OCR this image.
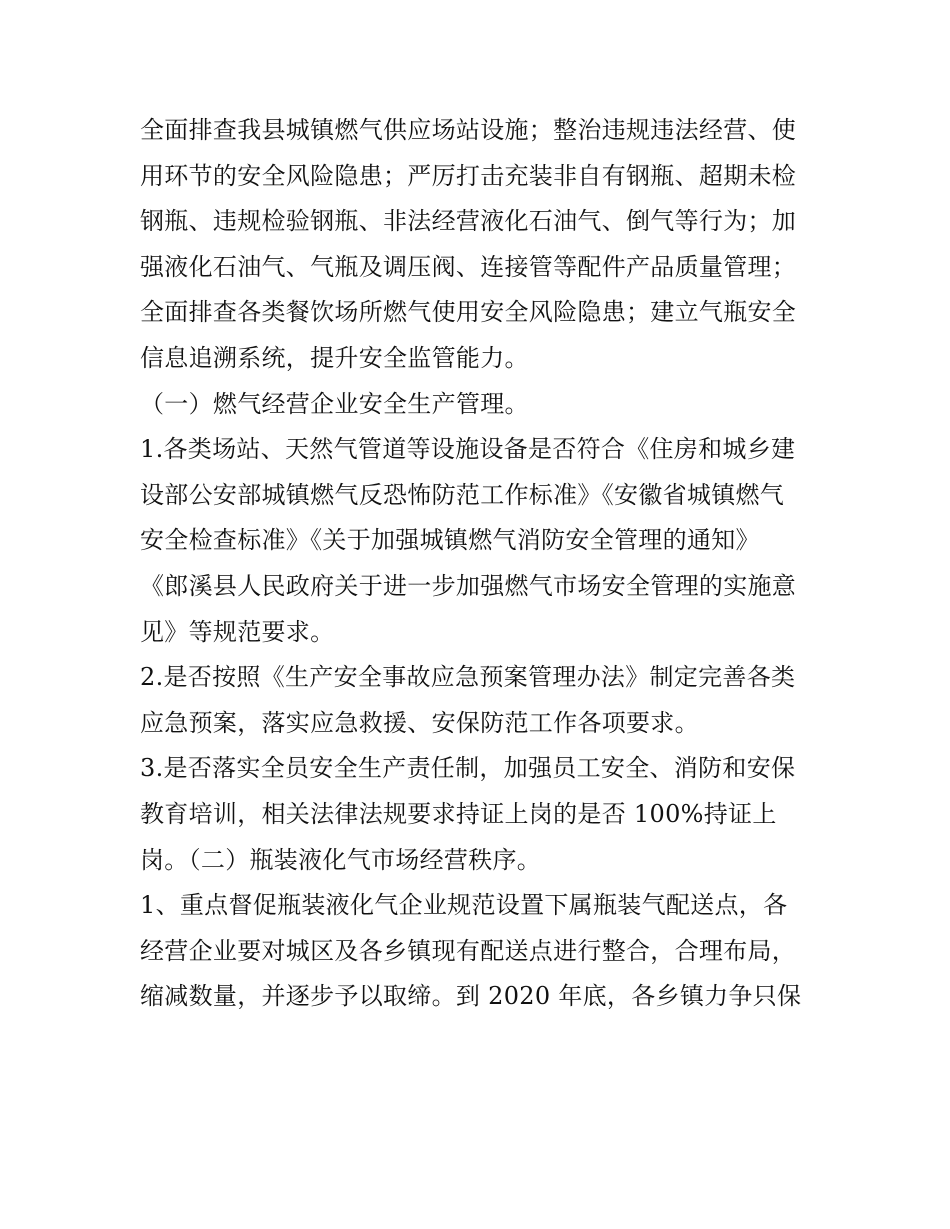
全面排查我县城镇燃气供应场站设施；整治违规违法经营、使
用环节的安全风险隐患；严厉打击充装非自有钢瓶、超期未检
钢瓶、违规检验钢瓶、非法经营液化石油气、倒气等行为；加
强液化石油气、气瓶及调压阀、连接管等配件产品质量管理；
全面排查各类餐饮场所燃气使用安全风险隐患；建立气瓶安全
信息追溯系统，提升安全监管能力。
（一）燃气经营企业安全生产管理。
1.各类场站、天然气管道等设施设备是否符合《住房和城乡建
设部公安部城镇燃气反恐怖防范工作标准》《安徽省城镇燃气
安全检查标准》《关于加强城镇燃气消防安全管理的通知》
《郎溪县人民政府关于进一步加强燃气市场安全管理的实施意
见》等规范要求。
2.是否按照《生产安全事故应急预案管理办法》制定完善各类
应急预案，落实应急救援、安保防范工作各项要求。
3.是否落实全员安全生产责任制，加强员工安全、消防和安保
教育培训，相关法律法规要求持证上岗的是否 100%持证上
岗。（二）瓶装液化气市场经营秩序。
1、重点督促瓶装液化气企业规范设置下属瓶装气配送点，各
经营企业要对城区及各乡镇现有配送点进行整合，合理布局，
缩减数量，并逐步予以取缔。到 2020 年底，各乡镇力争只保
